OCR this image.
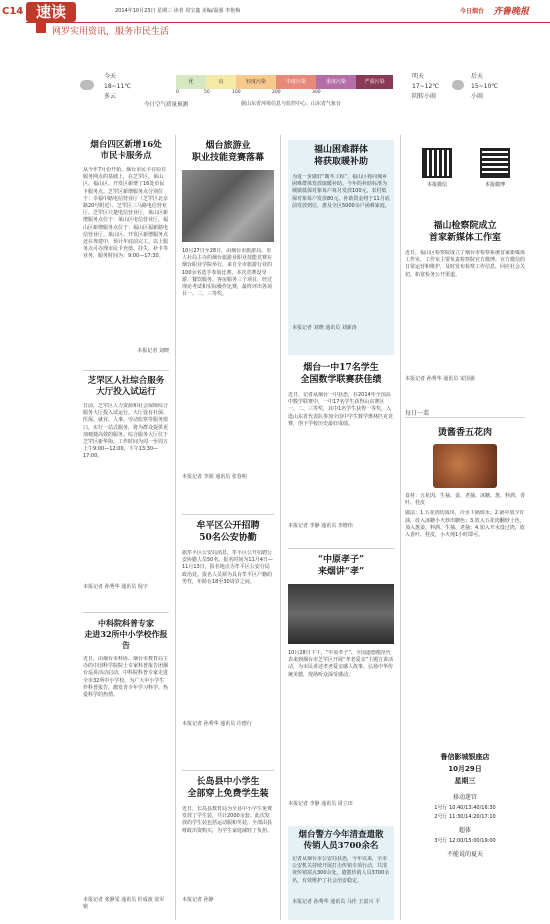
C14 速读	2014年10月23日 星期三 读者 周宝鑫 美编/温强 李艳梅	今日烟台 齐鲁晚报
网罗实用资讯，服务市民生活
今天
18~11℃
多云
优	良	轻度污染	中度污染	重度污染	严重污染
0	50	100	200	300
今日空气质量预测	据山东省环境信息与监控中心、山东省气象台
明天
17~12℃
阴转小雨
后天
15~10℃
小雨
烟台四区新增16处
市民卡服务点
从今年7月份开始，烟台市民卡在原有服务网点的基础上，在芝罘区、莱山区、福山区、开发区新增了16处市民卡服务点。芝罘区新增服务点分别位于：幸福中路电信营业厅（芝罘区北京路20号附近）、芝罘区三马路电信营业厅、芝罘区只楚电信营业厅，莱山区新增服务点位于：莱山区电信营业厅，福山区新增服务点位于：福山区福新路电信营业厅。莱山区、开发区新增服务点还在筹建中，预计年底前完工。以上服务点可办理市民卡充值、挂失、补卡等业务，服务时间为：9:00—17:30。
本报记者 刘晓
芝罘区人社综合服务
大厅投入试运行
日前，芝罘区人力资源和社会保障综合服务大厅投入试运行。大厅设有社保、医保、就业、人事、劳动监察等服务窗口，实行一站式服务，将为群众提供更加便捷高效的服务。综合服务大厅位于芝罘区新华街，工作时间为周一至周五上午9:00—12:00，下午13:30—17:00。
本报记者 孙秀华 通讯员 倪宇
中科院科普专家
走进32所中小学校作报告
近日，由烟台市科协、烟台市教育局主办的中国科学院院士专家科普报告团烟台巡讲活动启动，中科院科普专家走进全市32所中小学校，为广大中小学生作科普报告，激发青少年学习科学、热爱科学的热情。
本报记者 张静雯 通讯员 杜成波 张军铭
烟台旅游业
职业技能竞赛落幕
10月27日至28日，由烟台市旅游局、市人社局主办的烟台旅游业职业技能竞赛在烟台职业学院举行，来自全市旅游行业的100余名选手参加比赛。本次竞赛设导游、餐饮服务、客房服务三个项目，经过理论考试和实际操作比赛，最终评出各项目一、二、三等奖。
本报记者 李娟 通讯员 张春明
牟平区公开招聘
50名公安协勤
据牟平区公安局消息，牟平区公开招聘公安协勤人员50名。报名时间为11月4日—11月13日，报名地点为牟平区公安分局政治处。报名人员须为具有牟平区户籍的男性，年龄在18至30周岁之间。
本报记者 孙秀华 通讯员 许德行
长岛县中小学生
全部穿上免费学生装
近日，长岛县教育局为全县中小学生免费发放了学生装，共计2000余套。此次发放的学生装包括运动服和冬装，全部由县财政出资购买，为学生家庭减轻了负担。
本报记者 孙静
福山困难群体
将获取暖补助
为进一步做好“暖冬工程”，福山区将向城乡困难群体发放取暖补助。今年的补助标准为城镇低保对象每户每月发放100元，农村低保对象每户发放80元。补助资金将于11月底前发放到位，惠及全区5000余户困难家庭。
本报记者 刘晓 通讯员 刘新涛
烟台一中17名学生
全国数学联赛获佳绩
近日，记者从烟台一中获悉，在2014年全国高中数学联赛中，一中17名学生获得山东赛区一、二、三等奖，其中1名学生获得一等奖，入选山东省代表队参加全国中学生数学奥林匹克竞赛，创下学校历史最好成绩。
本报记者 李静 通讯员 李增伟
“中原孝子”
来烟讲“孝”
10月28日下午，“中原孝子”、全国道德模范代表来到烟台市芝罘区开展“孝老爱亲”主题宣讲活动，为市民讲述孝老爱亲感人故事，弘扬中华传统美德，现场听众深受感动。
本报记者 李静 通讯员 周立田
烟台警方今年清查遣散
传销人员3700余名
记者从烟台市公安局获悉，今年以来，全市公安机关持续开展打击传销专项行动，共清查传销窝点300余处，遣散传销人员3700余名，有效维护了社会治安稳定。
本报记者 孙秀华 通讯员 马佳 王富兴 平
本报微信	本报微博
福山检察院成立
首家新媒体工作室
近日，福山区检察院成立了烟台市检察系统首家新媒体工作室。工作室主要负责检察院官方微博、官方微信的日常运营和维护，及时发布检察工作信息，回应社会关切，拓宽检务公开渠道。
本报记者 孙秀华 通讯员 宋国强
每日一菜
烫酱香五花肉
食材：五花肉、生抽、姜、老抽、冰糖、葱、料酒、香叶、桂皮
做法：1.五花肉切成块，冷水下锅焯水；2.锅中放少许油，放入冰糖小火炒出糖色；3.放入五花肉翻炒上色，加入葱姜、料酒、生抽、老抽；4.加入开水没过肉，放入香叶、桂皮，小火炖1小时即可。
鲁信影城银座店
10月29日
星期三
移动迷宫
1号厅 10:40/13:40/16:30
2号厅 11:30/14:20/17:10
超体
3号厅 12:00/15:00/19:00
不能说的夏天
